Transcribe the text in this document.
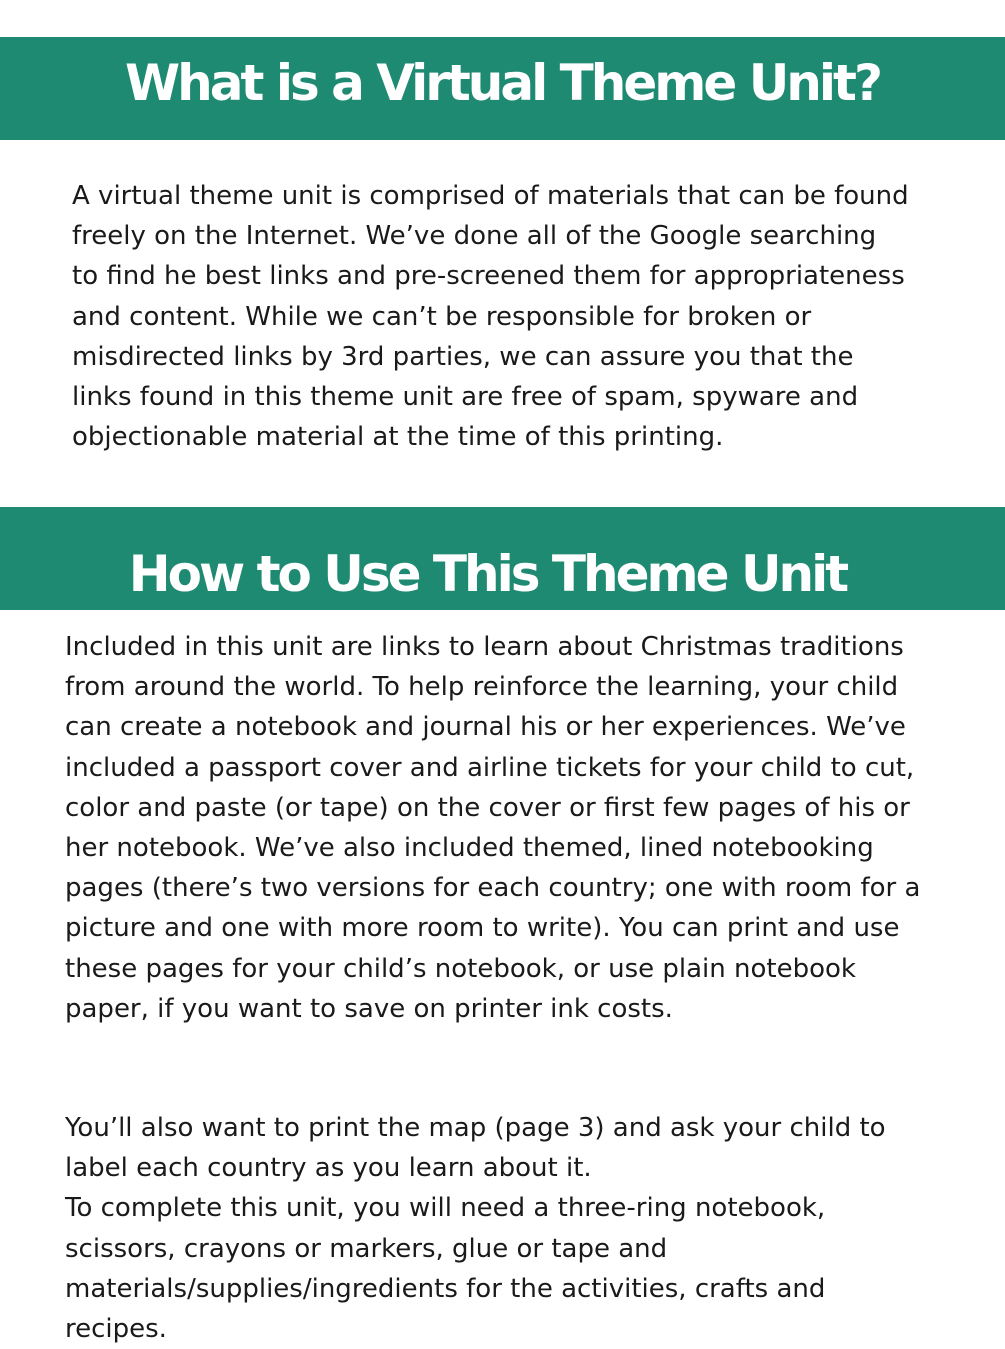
What is a Virtual Theme Unit?

A virtual theme unit is comprised of materials that can be found
freely on the Internet. We’ve done all of the Google searching
to find he best links and pre-screened them for appropriateness
and content. While we can’t be responsible for broken or
misdirected links by 3rd parties, we can assure you that the
links found in this theme unit are free of spam, spyware and
objectionable material at the time of this printing.

How to Use This Theme Unit

Included in this unit are links to learn about Christmas traditions
from around the world. To help reinforce the learning, your child
can create a notebook and journal his or her experiences. We’ve
included a passport cover and airline tickets for your child to cut,
color and paste (or tape) on the cover or first few pages of his or
her notebook. We’ve also included themed, lined notebooking
pages (there’s two versions for each country; one with room for a
picture and one with more room to write). You can print and use
these pages for your child’s notebook, or use plain notebook
paper, if you want to save on printer ink costs.

You’ll also want to print the map (page 3) and ask your child to
label each country as you learn about it.
To complete this unit, you will need a three-ring notebook,
scissors, crayons or markers, glue or tape and
materials/supplies/ingredients for the activities, crafts and
recipes.
